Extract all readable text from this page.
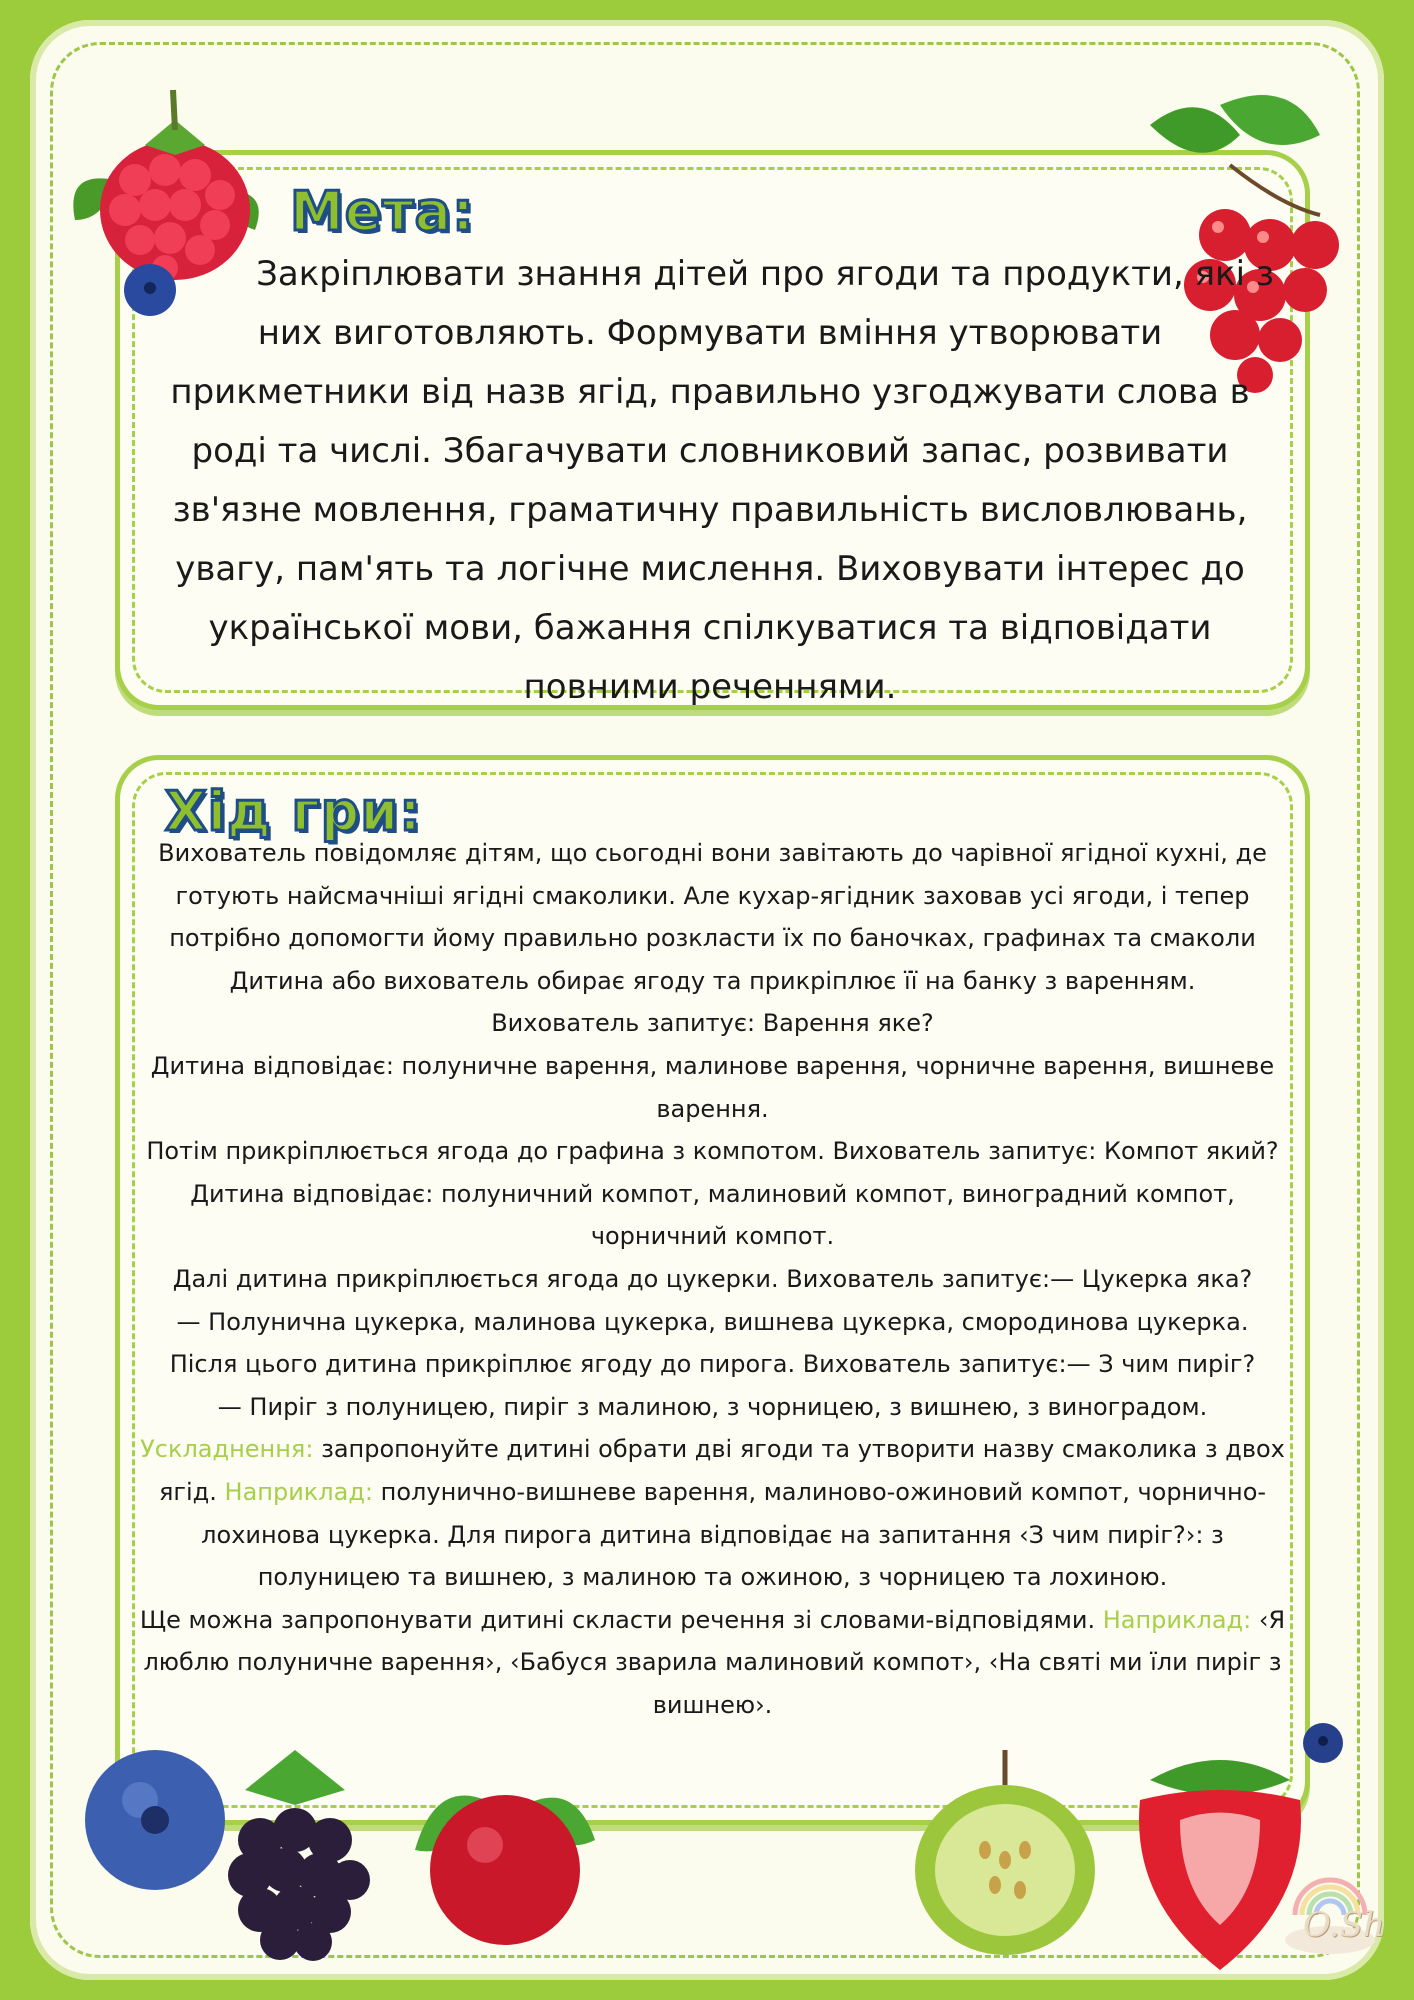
O.Sh
Мета:
Хід гри:

Закріплювати знання дітей про ягоди та продукти, які з них виготовляють. Формувати вміння утворювати прикметники від назв ягід, правильно узгоджувати слова в роді та числі. Збагачувати словниковий запас, розвивати зв'язне мовлення, граматичну правильність висловлювань, увагу, пам'ять та логічне мислення. Виховувати інтерес до української мови, бажання спілкуватися та відповідати повними реченнями.

Вихователь повідомляє дітям, що сьогодні вони завітають до чарівної ягідної кухні, де готують найсмачніші ягідні смаколики. Але кухар-ягідник заховав усі ягоди, і тепер потрібно допомогти йому правильно розкласти їх по баночках, графинах та смаколи

Дитина або вихователь обирає ягоду та прикріплює її на банку з варенням.

Вихователь запитує: Варення яке?

Дитина відповідає: полуничне варення, малинове варення, чорничне варення, вишневе варення.

Потім прикріплюється ягода до графина з компотом. Вихователь запитує: Компот який?

Дитина відповідає: полуничний компот, малиновий компот, виноградний компот, чорничний компот.

Далі дитина прикріплюється ягода до цукерки. Вихователь запитує:— Цукерка яка?

— Полунична цукерка, малинова цукерка, вишнева цукерка, смородинова цукерка.

Після цього дитина прикріплює ягоду до пирога. Вихователь запитує:— З чим пиріг?

— Пиріг з полуницею, пиріг з малиною, з чорницею, з вишнею, з виноградом.

Ускладнення: запропонуйте дитині обрати дві ягоди та утворити назву смаколика з двох ягід. Наприклад: полунично-вишневе варення, малиново-ожиновий компот, чорнично-лохинова цукерка. Для пирога дитина відповідає на запитання ‹З чим пиріг?›: з полуницею та вишнею, з малиною та ожиною, з чорницею та лохиною.

Ще можна запропонувати дитині скласти речення зі словами-відповідями. Наприклад: ‹Я люблю полуничне варення›, ‹Бабуся зварила малиновий компот›, ‹На святі ми їли пиріг з вишнею›.
